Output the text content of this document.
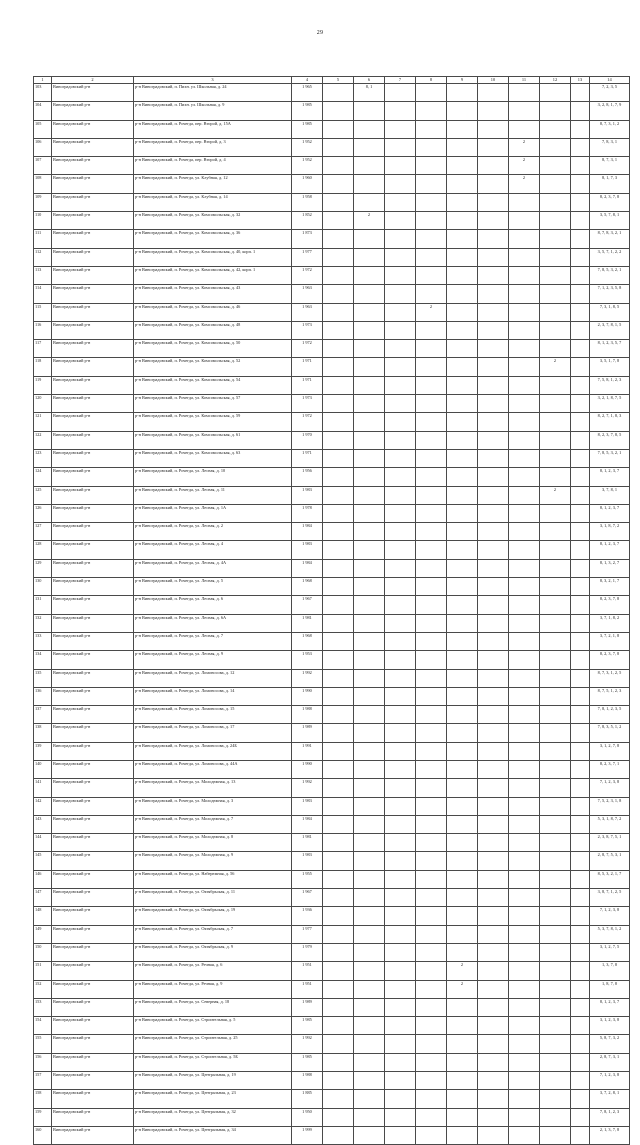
29
1	2	3	4	5	6	7	8	9	10	11	12	13	14
103	Виноградовский р-н	р-н Виноградовский, п. Пихн. ул. Школьная, д. 24	1 965		8, 1								7, 2, 3, 5
104	Виноградовский р-н	р-н Виноградовский, п. Пихн. ул. Школьная, д. 9	1 985										3, 2, 8, 1, 7, 9
105	Виноградовский р-н	р-н Виноградовский, п. Рочегда, пер. Второй, д. 15А	1 985										8, 7, 3, 1, 2
106	Виноградовский р-н	р-н Виноградовский, п. Рочегда, пер. Второй, д. 3	1 952							2			7, 8, 3, 1
107	Виноградовский р-н	р-н Виноградовский, п. Рочегда, пер. Второй, д. 4	1 952							2			8, 7, 3, 1
108	Виноградовский р-н	р-н Виноградовский, п. Рочегда, ул. Клубная, д. 12	1 960							2			8, 1, 7, 3
109	Виноградовский р-н	р-н Виноградовский, п. Рочегда, ул. Клубная, д. 14	1 958										8, 2, 3, 7, 8
110	Виноградовский р-н	р-н Виноградовский, п. Рочегда, ул. Комсомольская, д. 32	1 852		2								3, 5, 7, 8, 1
111	Виноградовский р-н	р-н Виноградовский, п. Рочегда, ул. Комсомольская, д. 36	1 873										8, 7, 8, 3, 2, 1
112	Виноградовский р-н	р-н Виноградовский, п. Рочегда, ул. Комсомольская, д. 40, корп. 1	1 977										3, 5, 7, 1, 2, 2
113	Виноградовский р-н	р-н Виноградовский, п. Рочегда, ул. Комсомольская, д. 42, корп. 1	1 972										7, 8, 5, 3, 2, 1
114	Виноградовский р-н	р-н Виноградовский, п. Рочегда, ул. Комсомольская, д. 43	1 963										7, 1, 2, 3, 5, 8
115	Виноградовский р-н	р-н Виноградовский, п. Рочегда, ул. Комсомольская, д. 46	1 963				2						7, 3, 1, 8, 5
116	Виноградовский р-н	р-н Виноградовский, п. Рочегда, ул. Комсомольская, д. 48	1 973										2, 3, 7, 8, 1, 5
117	Виноградовский р-н	р-н Виноградовский, п. Рочегда, ул. Комсомольская, д. 50	1 972										8, 1, 2, 3, 5, 7
118	Виноградовский р-н	р-н Виноградовский, п. Рочегда, ул. Комсомольская, д. 52	1 971								2		3, 5, 1, 7, 8
119	Виноградовский р-н	р-н Виноградовский, п. Рочегда, ул. Комсомольская, д. 54	1 971										7, 5, 8, 1, 2, 3
120	Виноградовский р-н	р-н Виноградовский, п. Рочегда, ул. Комсомольская, д. 57	1 973										3, 2, 1, 8, 7, 5
121	Виноградовский р-н	р-н Виноградовский, п. Рочегда, ул. Комсомольская, д. 59	1 972										8, 2, 7, 1, 8, 3
122	Виноградовский р-н	р-н Виноградовский, п. Рочегда, ул. Комсомольская, д. 61	1 970										8, 2, 3, 7, 8, 5
123	Виноградовский р-н	р-н Виноградовский, п. Рочегда, ул. Комсомольская, д. 63	1 971										7, 8, 5, 3, 2, 1
124	Виноградовский р-н	р-н Виноградовский, п. Рочегда, ул. Лесная, д. 10	1 956										8, 1, 2, 3, 7
125	Виноградовский р-н	р-н Виноградовский, п. Рочегда, ул. Лесная, д. 11	1 983								2		3, 7, 8, 1
126	Виноградовский р-н	р-н Виноградовский, п. Рочегда, ул. Лесная, д. 1А	1 978										8, 1, 2, 3, 7
127	Виноградовский р-н	р-н Виноградовский, п. Рочегда, ул. Лесная, д. 2	1 984										3, 1, 8, 7, 2
128	Виноградовский р-н	р-н Виноградовский, п. Рочегда, ул. Лесная, д. 4	1 983										8, 1, 2, 3, 7
129	Виноградовский р-н	р-н Виноградовский, п. Рочегда, ул. Лесная, д. 4А	1 984										8, 1, 3, 2, 7
130	Виноградовский р-н	р-н Виноградовский, п. Рочегда, ул. Лесная, д. 5	1 968										8, 3, 2, 1, 7
131	Виноградовский р-н	р-н Виноградовский, п. Рочегда, ул. Лесная, д. 6	1 967										8, 2, 3, 7, 8
132	Виноградовский р-н	р-н Виноградовский, п. Рочегда, ул. Лесная, д. 6А	1 981										3, 7, 1, 8, 2
133	Виноградовский р-н	р-н Виноградовский, п. Рочегда, ул. Лесная, д. 7	1 968										3, 7, 2, 1, 8
134	Виноградовский р-н	р-н Виноградовский, п. Рочегда, ул. Лесная, д. 9	1 953										8, 2, 3, 7, 8
135	Виноградовский р-н	р-н Виноградовский, п. Рочегда, ул. Ломоносова, д. 12	1 992										8, 7, 3, 1, 2, 5
136	Виноградовский р-н	р-н Виноградовский, п. Рочегда, ул. Ломоносова, д. 14	1 990										8, 7, 5, 1, 2, 3
137	Виноградовский р-н	р-н Виноградовский, п. Рочегда, ул. Ломоносова, д. 15	1 988										7, 8, 1, 2, 3, 5
138	Виноградовский р-н	р-н Виноградовский, п. Рочегда, ул. Ломоносова, д. 17	1 989										7, 8, 3, 5, 1, 2
139	Виноградовский р-н	р-н Виноградовский, п. Рочегда, ул. Ломоносова, д. 24Б	1 991										3, 1, 2, 7, 8
140	Виноградовский р-н	р-н Виноградовский, п. Рочегда, ул. Ломоносова, д. 44А	1 990										8, 2, 3, 7, 1
141	Виноградовский р-н	р-н Виноградовский, п. Рочегда, ул. Молодежная, д. 13	1 992										7, 1, 2, 3, 8
142	Виноградовский р-н	р-н Виноградовский, п. Рочегда, ул. Молодежная, д. 3	1 983										7, 5, 2, 3, 1, 8
143	Виноградовский р-н	р-н Виноградовский, п. Рочегда, ул. Молодежная, д. 7	1 984										5, 3, 1, 8, 7, 2
144	Виноградовский р-н	р-н Виноградовский, п. Рочегда, ул. Молодежная, д. 8	1 981										2, 3, 8, 7, 5, 1
145	Виноградовский р-н	р-н Виноградовский, п. Рочегда, ул. Молодежная, д. 9	1 983										2, 8, 7, 5, 3, 1
146	Виноградовский р-н	р-н Виноградовский, п. Рочегда, ул. Набережная, д. 56	1 955										8, 5, 3, 2, 1, 7
147	Виноградовский р-н	р-н Виноградовский, п. Рочегда, ул. Октябрьская, д. 11	1 967										3, 8, 7, 1, 2, 5
148	Виноградовский р-н	р-н Виноградовский, п. Рочегда, ул. Октябрьская, д. 19	1 936										7, 1, 2, 3, 8
149	Виноградовский р-н	р-н Виноградовский, п. Рочегда, ул. Октябрьская, д. 7	1 977										5, 3, 7, 8, 1, 2
150	Виноградовский р-н	р-н Виноградовский, п. Рочегда, ул. Октябрьская, д. 9	1 979										3, 1, 2, 7, 5
151	Виноградовский р-н	р-н Виноградовский, п. Рочегда, ул. Речная, д. 6	1 951					2					1, 3, 7, 8
152	Виноградовский р-н	р-н Виноградовский, п. Рочегда, ул. Речная, д. 9	1 951					2					1, 8, 7, 8
153	Виноградовский р-н	р-н Виноградовский, п. Рочегда, ул. Северная, д. 18	1 989										8, 1, 2, 3, 7
154	Виноградовский р-н	р-н Виноградовский, п. Рочегда, ул. Строительная, д. 5	1 985										3, 1, 2, 3, 8
155	Виноградовский р-н	р-н Виноградовский, п. Рочегда, ул. Строительная, д. 25	1 992										5, 8, 7, 3, 2
156	Виноградовский р-н	р-н Виноградовский, п. Рочегда, ул. Строительная, д. 5Б	1 985										2, 8, 7, 3, 1
157	Виноградовский р-н	р-н Виноградовский, п. Рочегда, ул. Центральная, д. 19	1 988										7, 1, 2, 3, 8
158	Виноградовский р-н	р-н Виноградовский, п. Рочегда, ул. Центральная, д. 23	1 885										3, 7, 2, 8, 1
159	Виноградовский р-н	р-н Виноградовский, п. Рочегда, ул. Центральная, д. 32	1 950										7, 8, 1, 2, 3
160	Виноградовский р-н	р-н Виноградовский, п. Рочегда, ул. Центральная, д. 34	1 999										2, 1, 3, 7, 8
